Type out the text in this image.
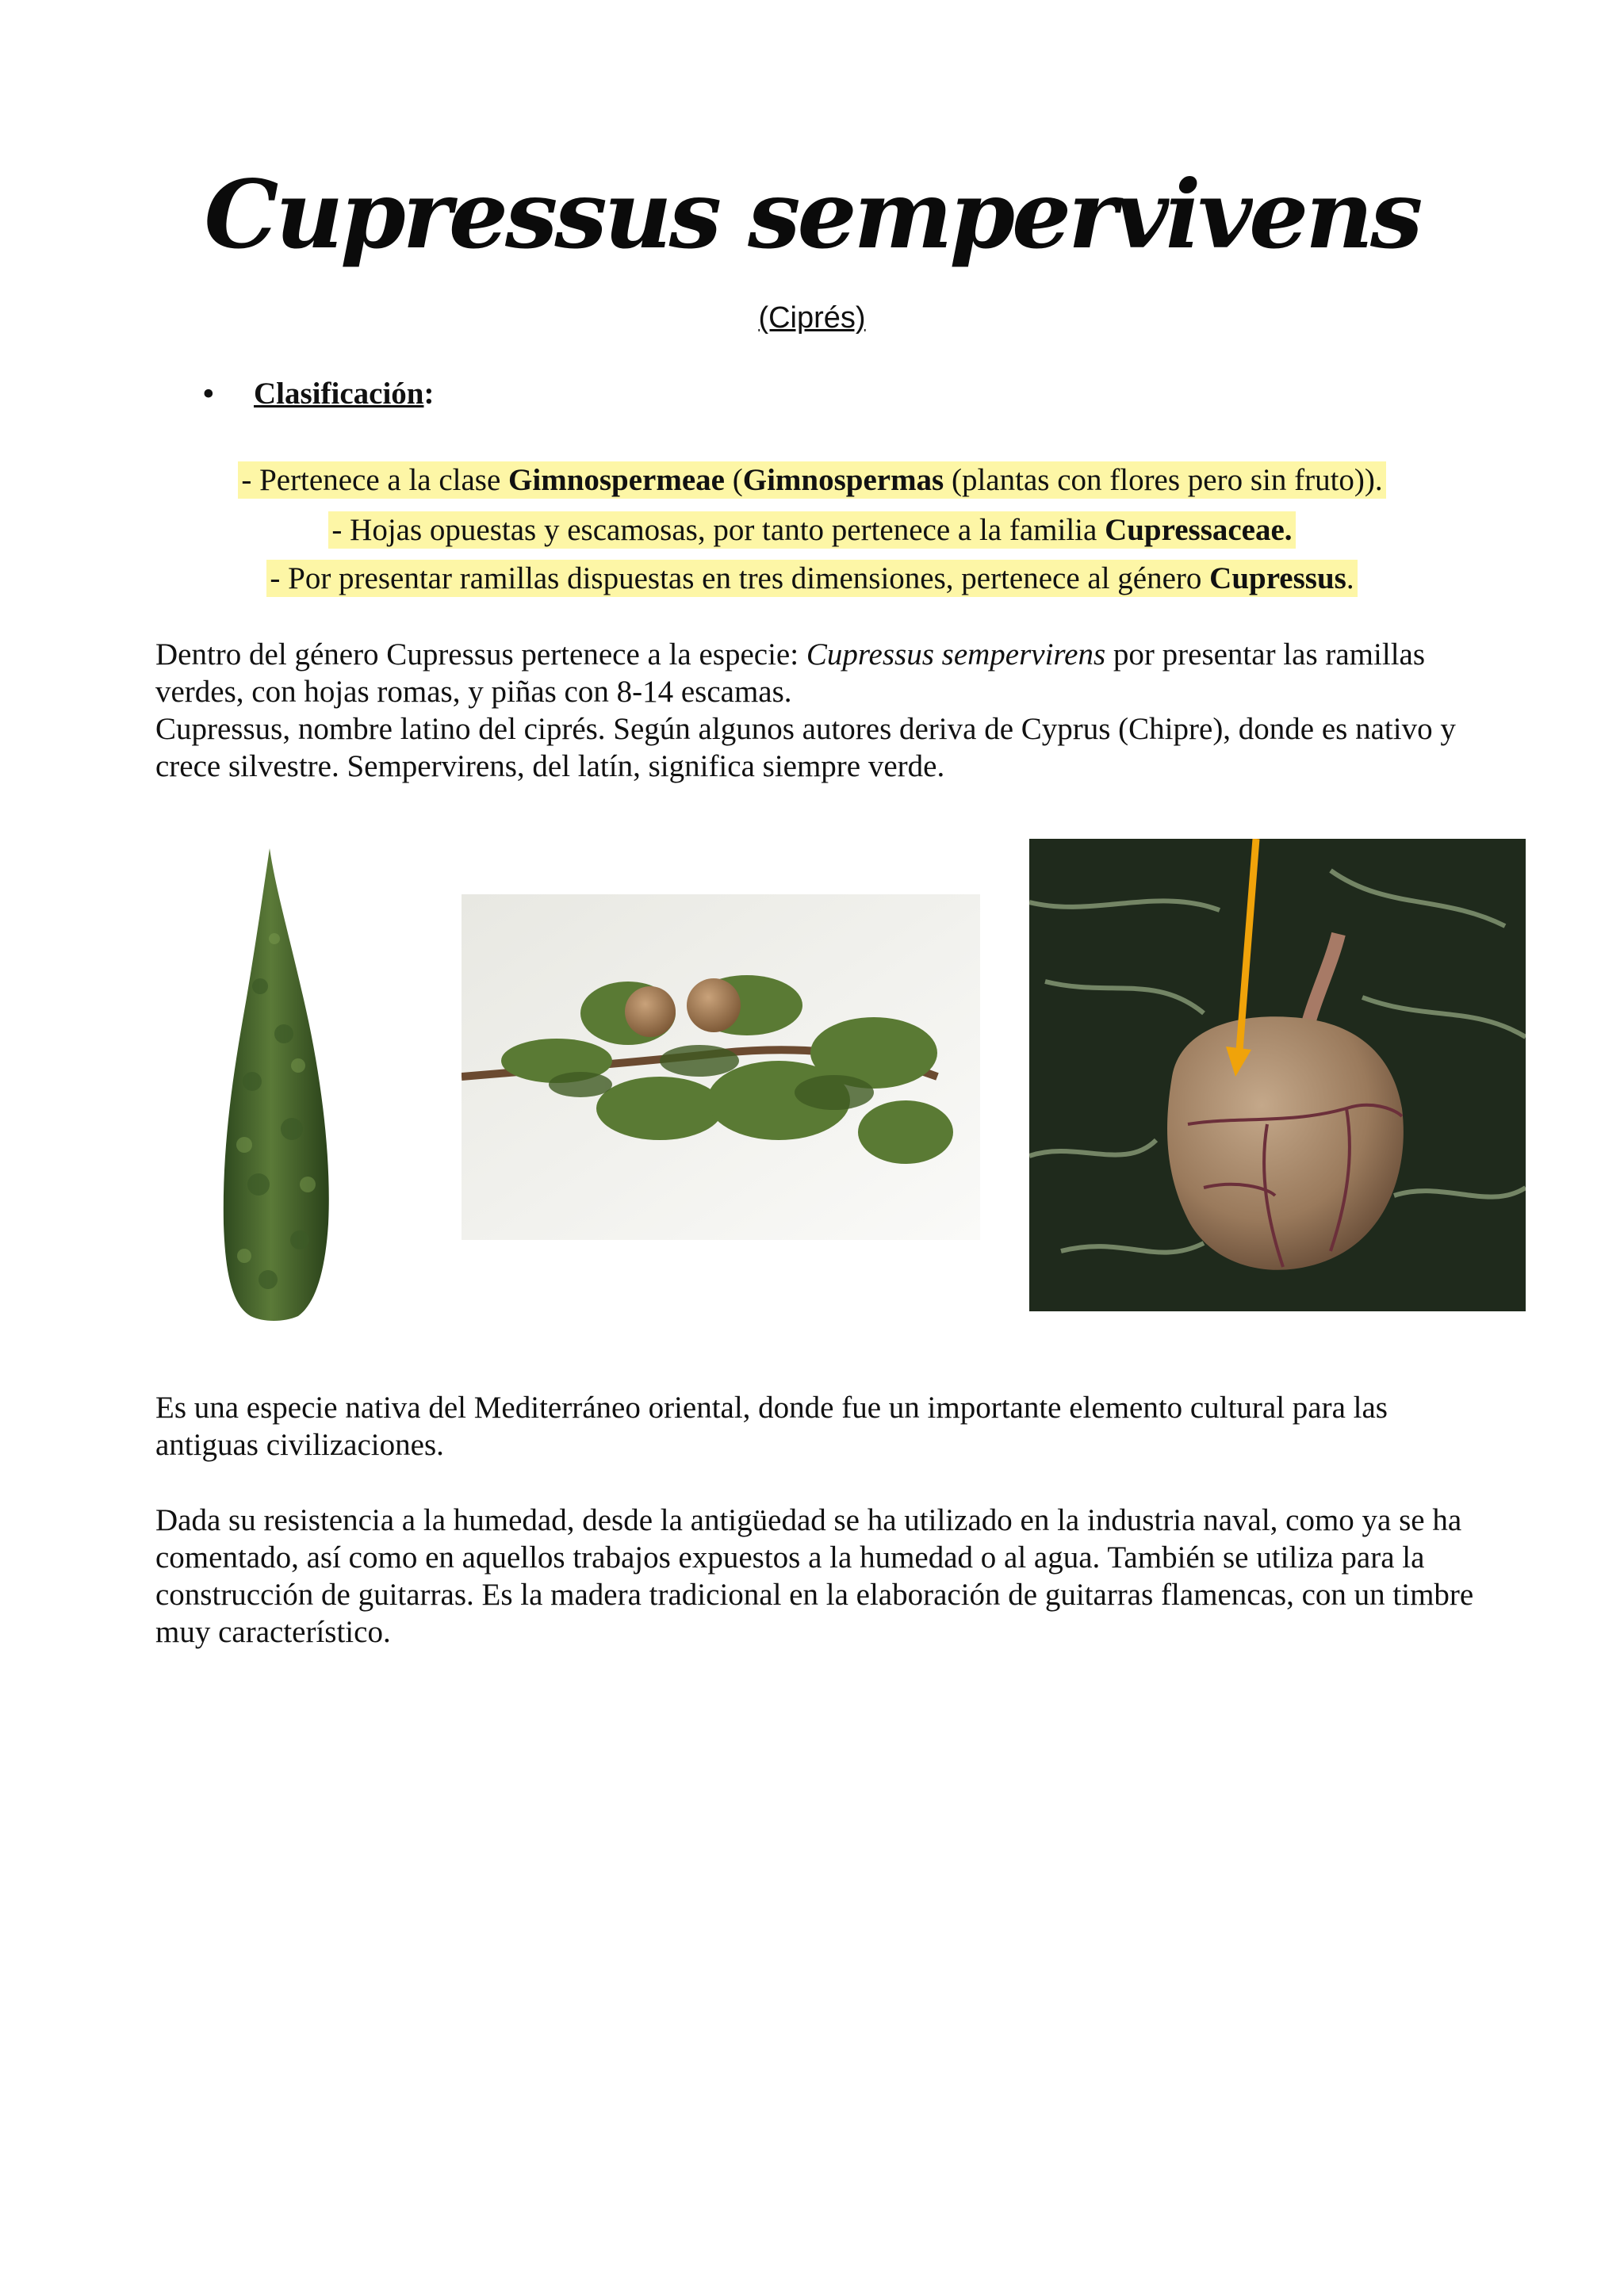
Cupressus sempervivens
(Ciprés)
• Clasificación:
- Pertenece a la clase Gimnospermeae (Gimnospermas (plantas con flores pero sin fruto)).
- Hojas opuestas y escamosas, por tanto pertenece a la familia Cupressaceae.
- Por presentar ramillas dispuestas en tres dimensiones, pertenece al género Cupressus.
Dentro del género Cupressus pertenece a la especie: Cupressus sempervirens por presentar las ramillas verdes, con hojas romas, y piñas con 8-14 escamas.
Cupressus, nombre latino del ciprés. Según algunos autores deriva de Cyprus (Chipre), donde es nativo y crece silvestre. Sempervirens, del latín, significa siempre verde.
Es una especie nativa del Mediterráneo oriental, donde fue un importante elemento cultural para las antiguas civilizaciones.
Dada su resistencia a la humedad, desde la antigüedad se ha utilizado en la industria naval, como ya se ha comentado, así como en aquellos trabajos expuestos a la humedad o al agua. También se utiliza para la construcción de guitarras. Es la madera tradicional en la elaboración de guitarras flamencas, con un timbre muy característico.
